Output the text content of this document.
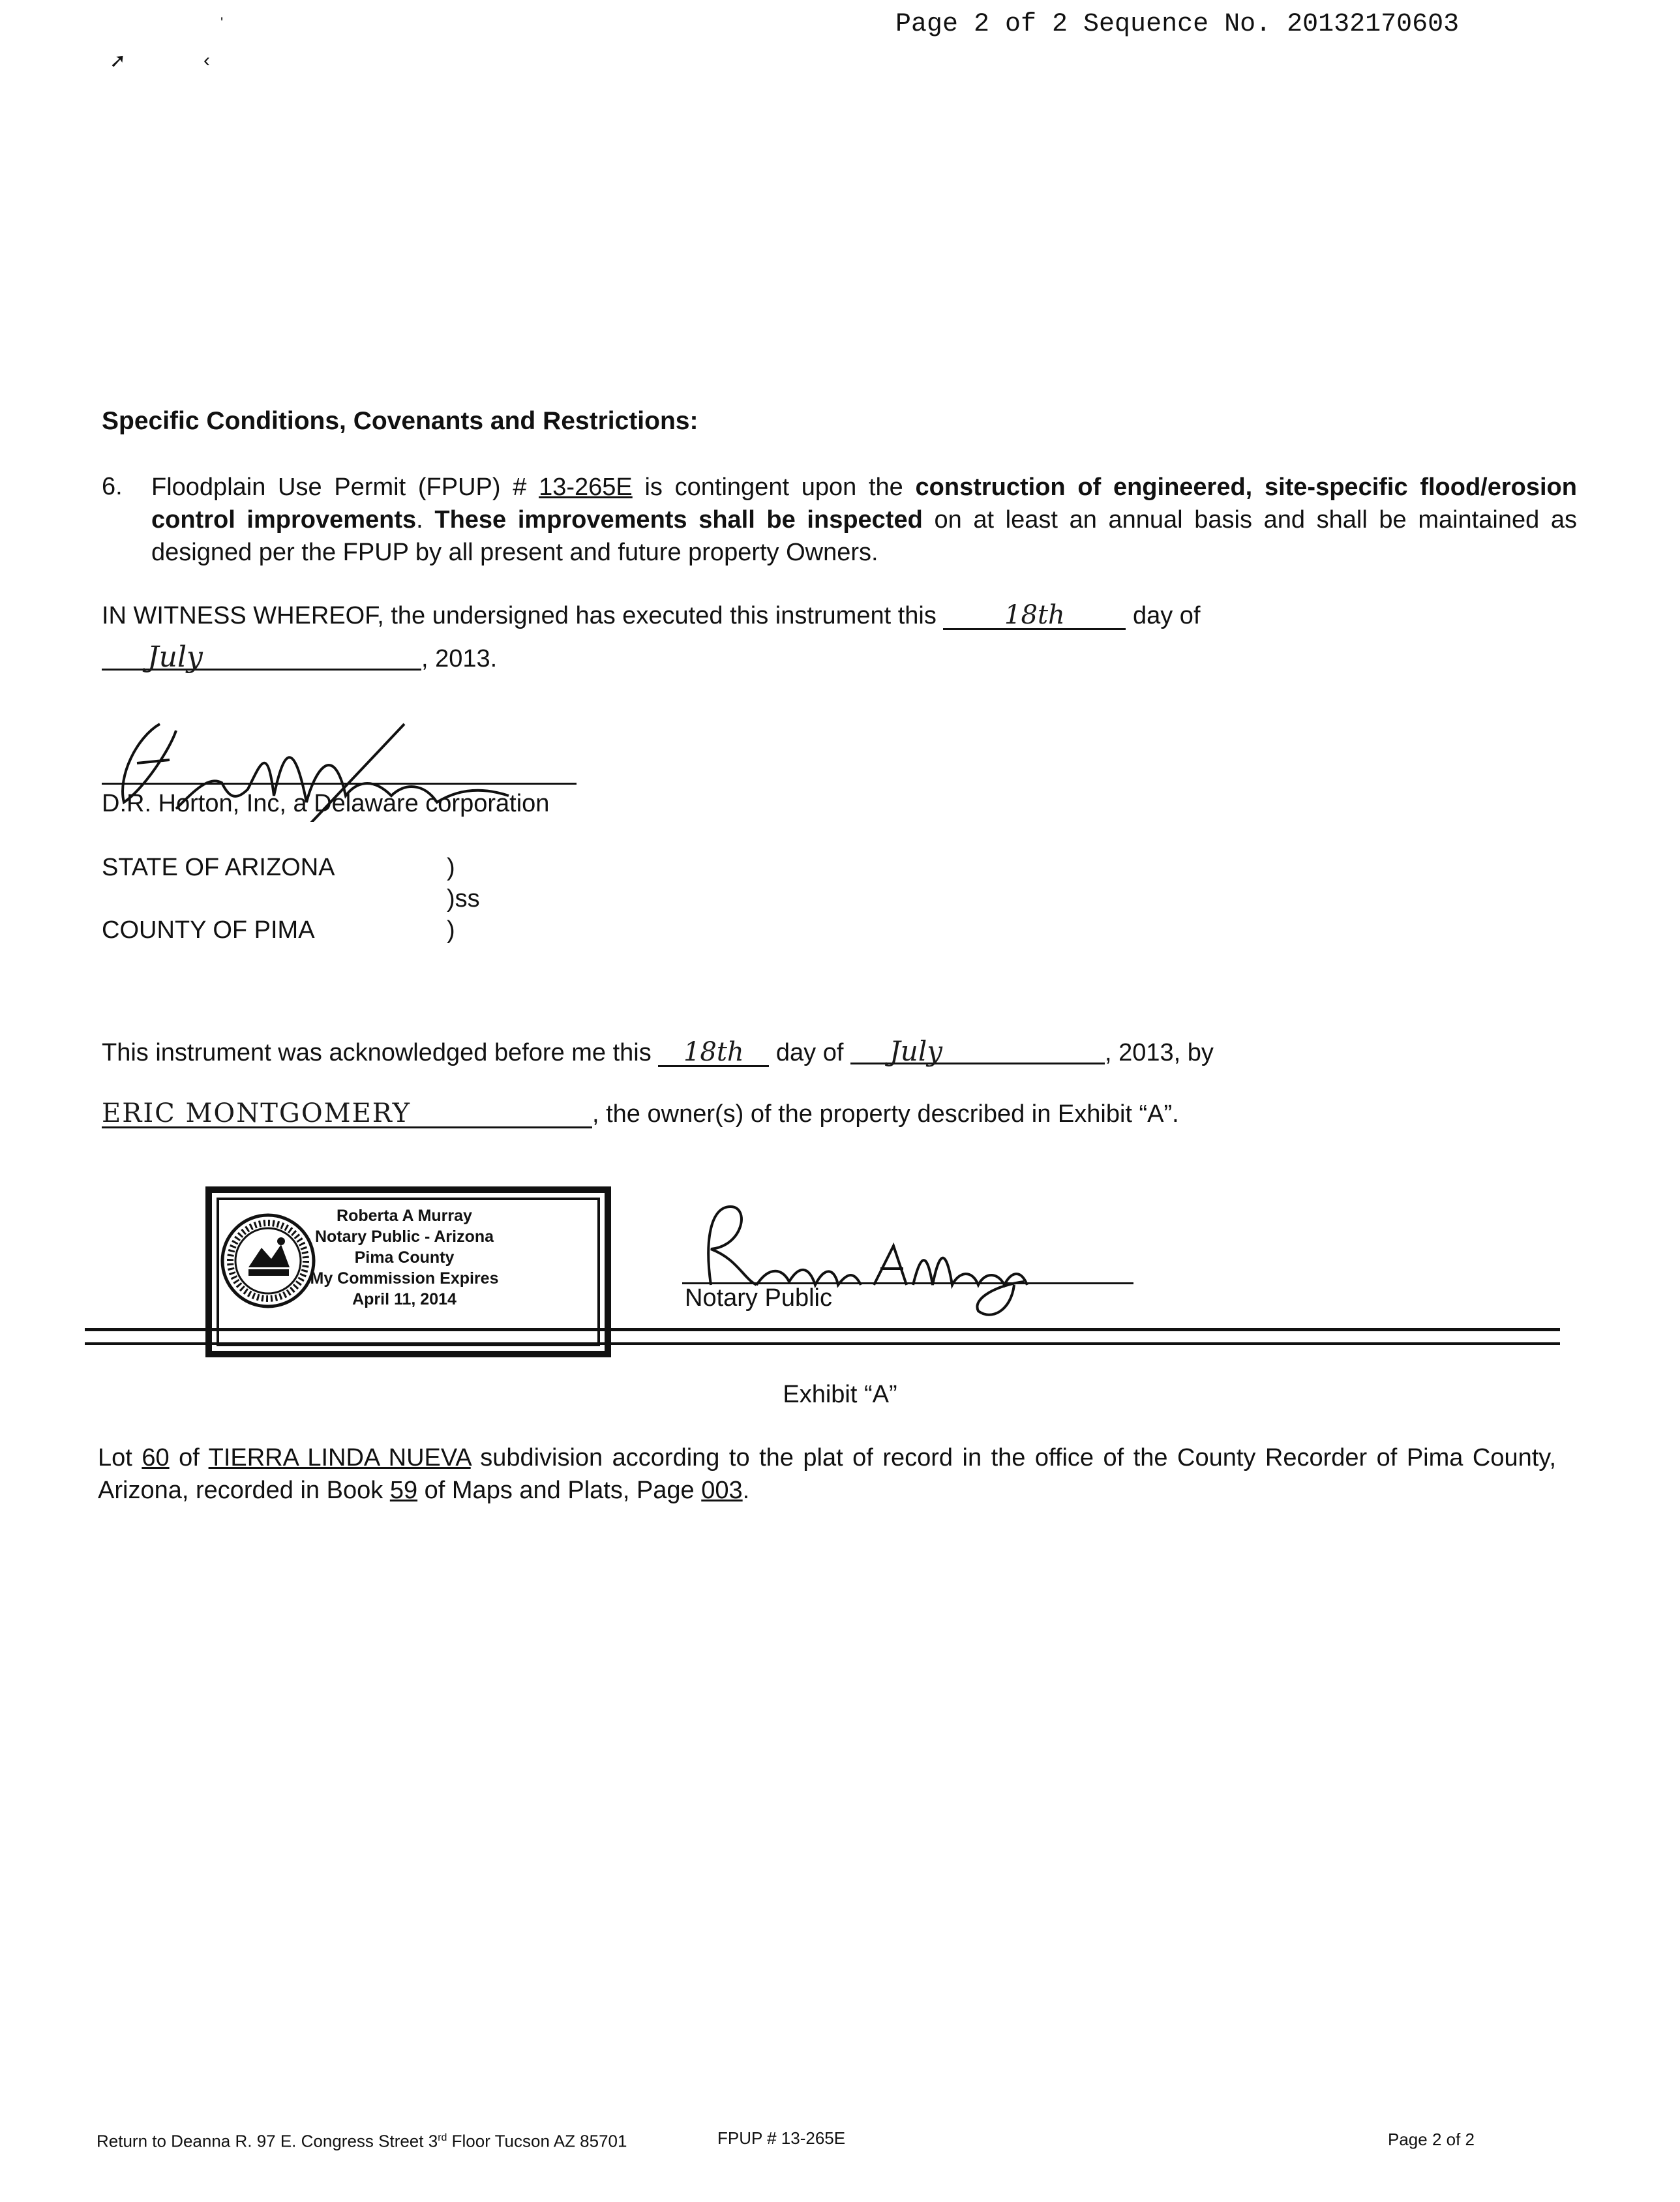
Page 2 of 2 Sequence No. 20132170603
'
➚	‹
Specific Conditions, Covenants and Restrictions:
6. Floodplain Use Permit (FPUP) # 13-265E is contingent upon the construction of engineered, site-specific flood/erosion control improvements. These improvements shall be inspected on at least an annual basis and shall be maintained as designed per the FPUP by all present and future property Owners.

IN WITNESS WHEREOF, the undersigned has executed this instrument this	18th	day of
July	, 2013.
D.R. Horton, Inc, a Delaware corporation
STATE OF ARIZONA	)
)ss
COUNTY OF PIMA	)
This instrument was acknowledged before me this 18th day of July	, 2013, by
ERIC MONTGOMERY	, the owner(s) of the property described in Exhibit “A”.
Roberta A Murray
Notary Public - Arizona
Pima County
My Commission Expires
April 11, 2014	Notary Public
Exhibit “A”

Lot 60 of TIERRA LINDA NUEVA subdivision according to the plat of record in the office of the County Recorder of Pima County, Arizona, recorded in Book 59 of Maps and Plats, Page 003.

Return to Deanna R. 97 E. Congress Street 3rd Floor Tucson AZ 85701	FPUP # 13-265E	Page 2 of 2
